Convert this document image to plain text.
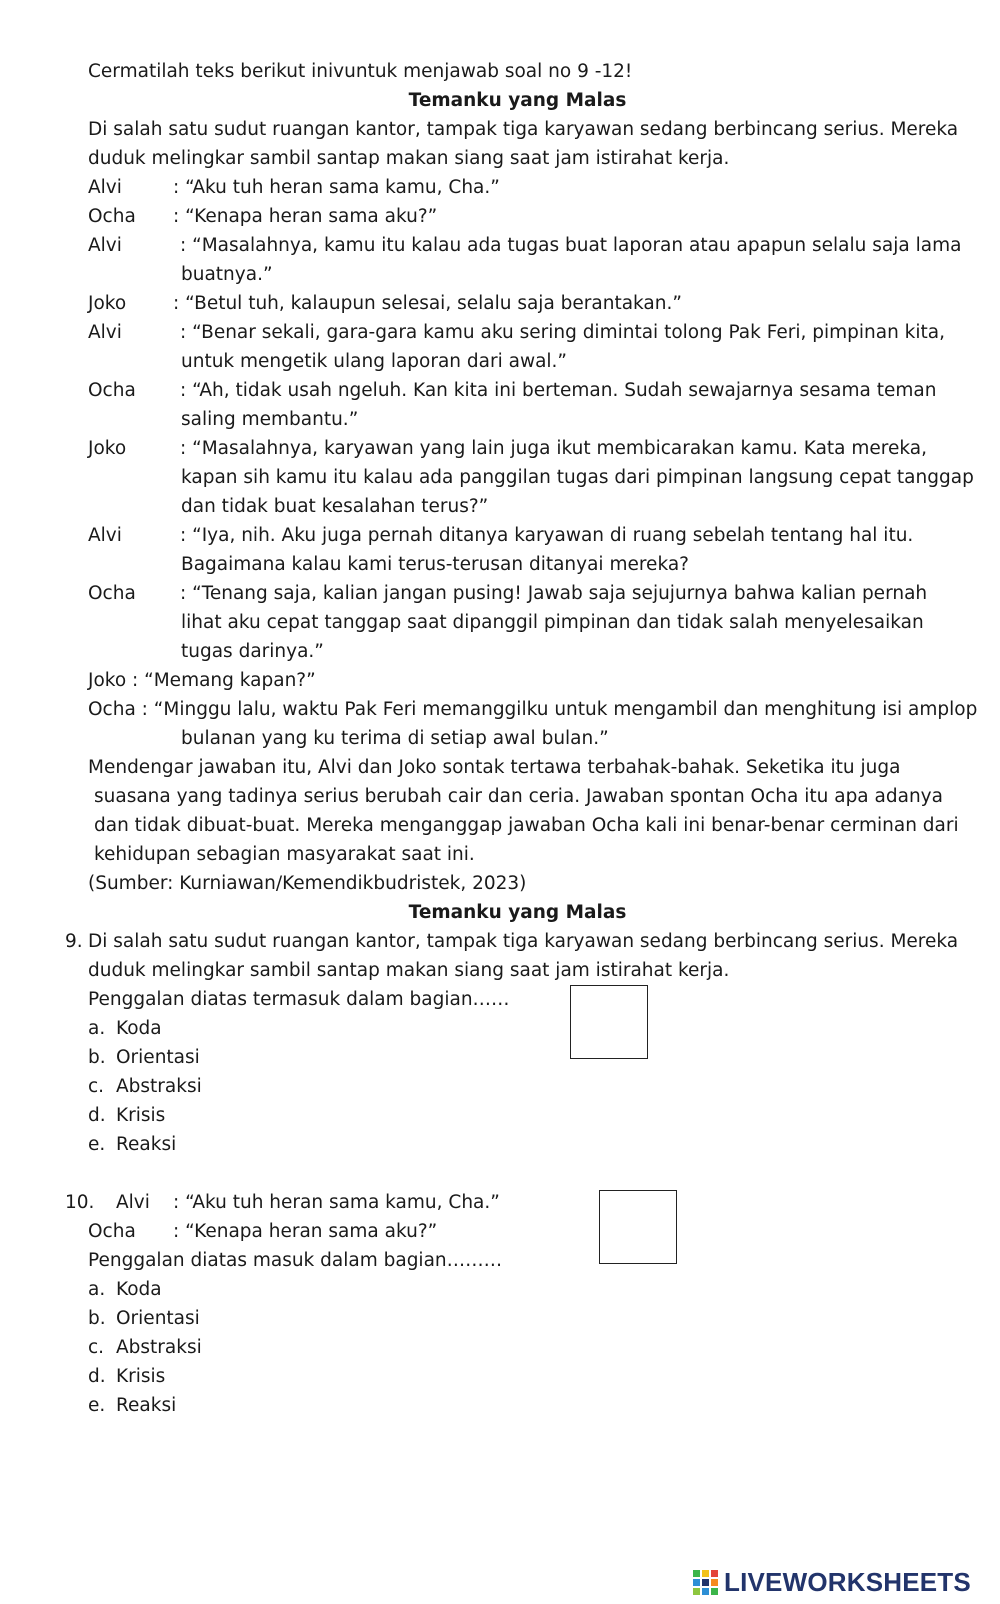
Cermatilah teks berikut inivuntuk menjawab soal no 9 -12!
Temanku yang Malas
Di salah satu sudut ruangan kantor, tampak tiga karyawan sedang berbincang serius. Mereka
duduk melingkar sambil santap makan siang saat jam istirahat kerja.
Alvi	: “Aku tuh heran sama kamu, Cha.”
Ocha : “Kenapa heran sama aku?”
Alvi	: “Masalahnya, kamu itu kalau ada tugas buat laporan atau apapun selalu saja lama
buatnya.”
Joko	: “Betul tuh, kalaupun selesai, selalu saja berantakan.”
Alvi	: “Benar sekali, gara-gara kamu aku sering dimintai tolong Pak Feri, pimpinan kita,
untuk mengetik ulang laporan dari awal.”
Ocha : “Ah, tidak usah ngeluh. Kan kita ini berteman. Sudah sewajarnya sesama teman
saling membantu.”
Joko	: “Masalahnya, karyawan yang lain juga ikut membicarakan kamu. Kata mereka,
kapan sih kamu itu kalau ada panggilan tugas dari pimpinan langsung cepat tanggap
dan tidak buat kesalahan terus?”
Alvi	: “Iya, nih. Aku juga pernah ditanya karyawan di ruang sebelah tentang hal itu.
Bagaimana kalau kami terus-terusan ditanyai mereka?
Ocha : “Tenang saja, kalian jangan pusing! Jawab saja sejujurnya bahwa kalian pernah
lihat aku cepat tanggap saat dipanggil pimpinan dan tidak salah menyelesaikan
tugas darinya.”
Joko : “Memang kapan?”
Ocha : “Minggu lalu, waktu Pak Feri memanggilku untuk mengambil dan menghitung isi amplop
bulanan yang ku terima di setiap awal bulan.”
Mendengar jawaban itu, Alvi dan Joko sontak tertawa terbahak-bahak. Seketika itu juga
suasana yang tadinya serius berubah cair dan ceria. Jawaban spontan Ocha itu apa adanya
dan tidak dibuat-buat. Mereka menganggap jawaban Ocha kali ini benar-benar cerminan dari
kehidupan sebagian masyarakat saat ini.
(Sumber: Kurniawan/Kemendikbudristek, 2023)
Temanku yang Malas
9. Di salah satu sudut ruangan kantor, tampak tiga karyawan sedang berbincang serius. Mereka
duduk melingkar sambil santap makan siang saat jam istirahat kerja.
Penggalan diatas termasuk dalam bagian……
a. Koda
b. Orientasi
c. Abstraksi
d. Krisis
e. Reaksi
10. Alvi : “Aku tuh heran sama kamu, Cha.”
Ocha : “Kenapa heran sama aku?”
Penggalan diatas masuk dalam bagian………
a. Koda
b. Orientasi
c. Abstraksi
d. Krisis
e. Reaksi
LIVEWORKSHEETS
